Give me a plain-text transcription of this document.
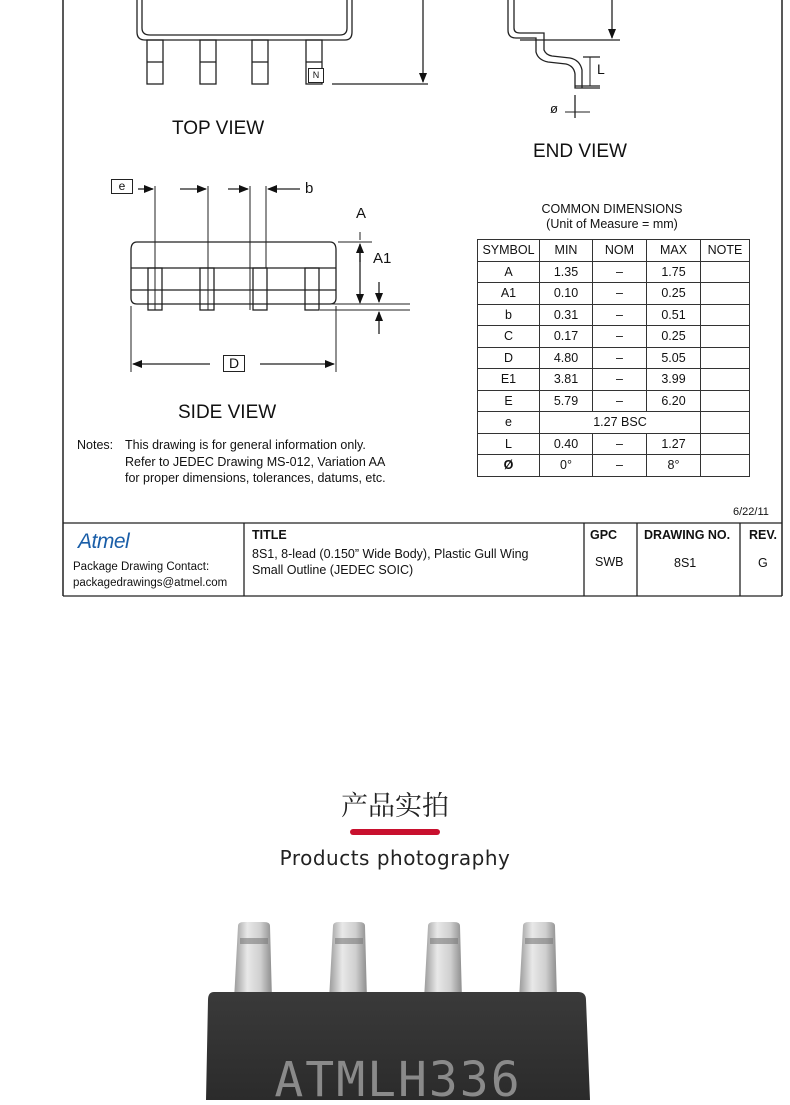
N
TOP VIEW
L
ø
END VIEW
e	b
A
A1
D
SIDE VIEW
Notes: This drawing is for general information only.
Refer to JEDEC Drawing MS-012, Variation AA
for proper dimensions, tolerances, datums, etc.
COMMON DIMENSIONS
(Unit of Measure = mm)
SYMBOL	MIN	NOM	MAX	NOTE
A	1.35	–	1.75	
A1	0.10	–	0.25	
b	0.31	–	0.51	
C	0.17	–	0.25	
D	4.80	–	5.05	
E1	3.81	–	3.99	
E	5.79	–	6.20	
e	1.27 BSC			
L	0.40	–	1.27	
Ø	0°	–	8°	
6/22/11
Atmel
Package Drawing Contact:
packagedrawings@atmel.com
TITLE
8S1, 8-lead (0.150” Wide Body), Plastic Gull Wing
Small Outline (JEDEC SOIC)
GPC
SWB
DRAWING NO.
8S1
REV.
G
产品实拍
Products photography
ATMLH336
